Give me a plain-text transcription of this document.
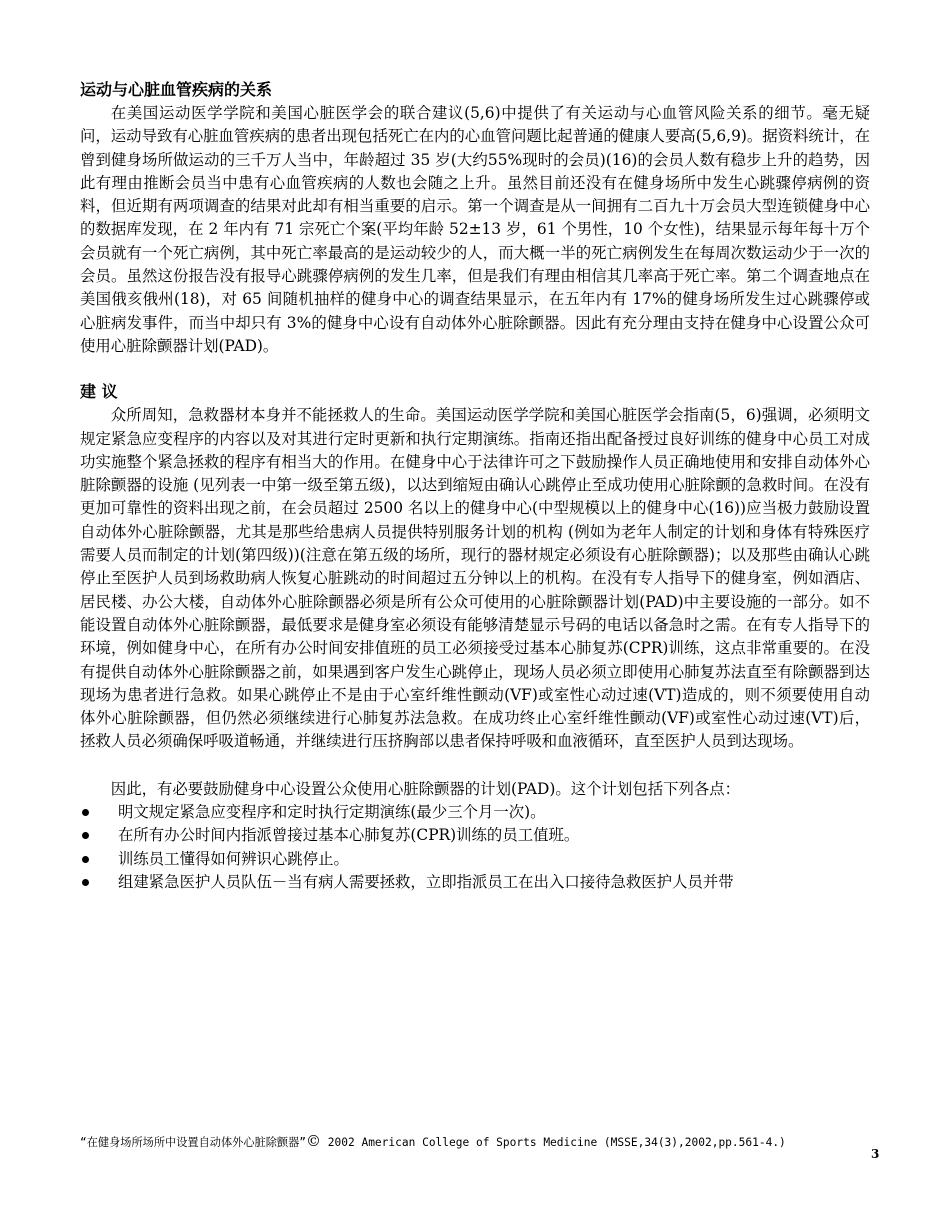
运动与心脏血管疾病的关系

在美国运动医学学院和美国心脏医学会的联合建议(5,6)中提供了有关运动与心血管风险关系的细节。毫无疑问，运动导致有心脏血管疾病的患者出现包括死亡在内的心血管问题比起普通的健康人要高(5,6,9)。据资料统计，在曾到健身场所做运动的三千万人当中，年龄超过 35 岁(大约55%现时的会员)(16)的会员人数有稳步上升的趋势，因此有理由推断会员当中患有心血管疾病的人数也会随之上升。虽然目前还没有在健身场所中发生心跳骤停病例的资料，但近期有两项调查的结果对此却有相当重要的启示。第一个调查是从一间拥有二百九十万会员大型连锁健身中心的数据库发现，在 2 年内有 71 宗死亡个案(平均年龄 52±13 岁，61 个男性，10 个女性)，结果显示每年每十万个会员就有一个死亡病例，其中死亡率最高的是运动较少的人，而大概一半的死亡病例发生在每周次数运动少于一次的会员。虽然这份报告没有报导心跳骤停病例的发生几率，但是我们有理由相信其几率高于死亡率。第二个调查地点在美国俄亥俄州(18)，对 65 间随机抽样的健身中心的调查结果显示，在五年内有 17%的健身场所发生过心跳骤停或心脏病发事件，而当中却只有 3%的健身中心设有自动体外心脏除颤器。因此有充分理由支持在健身中心设置公众可使用心脏除颤器计划(PAD)。

建 议

众所周知，急救器材本身并不能拯救人的生命。美国运动医学学院和美国心脏医学会指南(5，6)强调，必须明文规定紧急应变程序的内容以及对其进行定时更新和执行定期演练。指南还指出配备授过良好训练的健身中心员工对成功实施整个紧急拯救的程序有相当大的作用。在健身中心于法律许可之下鼓励操作人员正确地使用和安排自动体外心脏除颤器的设施 (见列表一中第一级至第五级)，以达到缩短由确认心跳停止至成功使用心脏除颤的急救时间。在没有更加可靠性的资料出现之前，在会员超过 2500 名以上的健身中心(中型规模以上的健身中心(16))应当极力鼓励设置自动体外心脏除颤器，尤其是那些给患病人员提供特别服务计划的机构 (例如为老年人制定的计划和身体有特殊医疗需要人员而制定的计划(第四级))(注意在第五级的场所，现行的器材规定必须设有心脏除颤器)；以及那些由确认心跳停止至医护人员到场救助病人恢复心脏跳动的时间超过五分钟以上的机构。在没有专人指导下的健身室，例如酒店、居民楼、办公大楼，自动体外心脏除颤器必须是所有公众可使用的心脏除颤器计划(PAD)中主要设施的一部分。如不能设置自动体外心脏除颤器，最低要求是健身室必须设有能够清楚显示号码的电话以备急时之需。在有专人指导下的环境，例如健身中心，在所有办公时间安排值班的员工必须接受过基本心肺复苏(CPR)训练，这点非常重要的。在没有提供自动体外心脏除颤器之前，如果遇到客户发生心跳停止，现场人员必须立即使用心肺复苏法直至有除颤器到达现场为患者进行急救。如果心跳停止不是由于心室纤维性颤动(VF)或室性心动过速(VT)造成的，则不须要使用自动体外心脏除颤器，但仍然必须继续进行心肺复苏法急救。在成功终止心室纤维性颤动(VF)或室性心动过速(VT)后，拯救人员必须确保呼吸道畅通，并继续进行压挤胸部以患者保持呼吸和血液循环，直至医护人员到达现场。

因此，有必要鼓励健身中心设置公众使用心脏除颤器的计划(PAD)。这个计划包括下列各点：

明文规定紧急应变程序和定时执行定期演练(最少三个月一次)。
在所有办公时间内指派曾接过基本心肺复苏(CPR)训练的员工值班。
训练员工懂得如何辨识心跳停止。
组建紧急医护人员队伍－当有病人需要拯救，立即指派员工在出入口接待急救医护人员并带
“在健身场所场所中设置自动体外心脏除颤器”© 2002 American College of Sports Medicine (MSSE,34(3),2002,pp.561-4.)
3
